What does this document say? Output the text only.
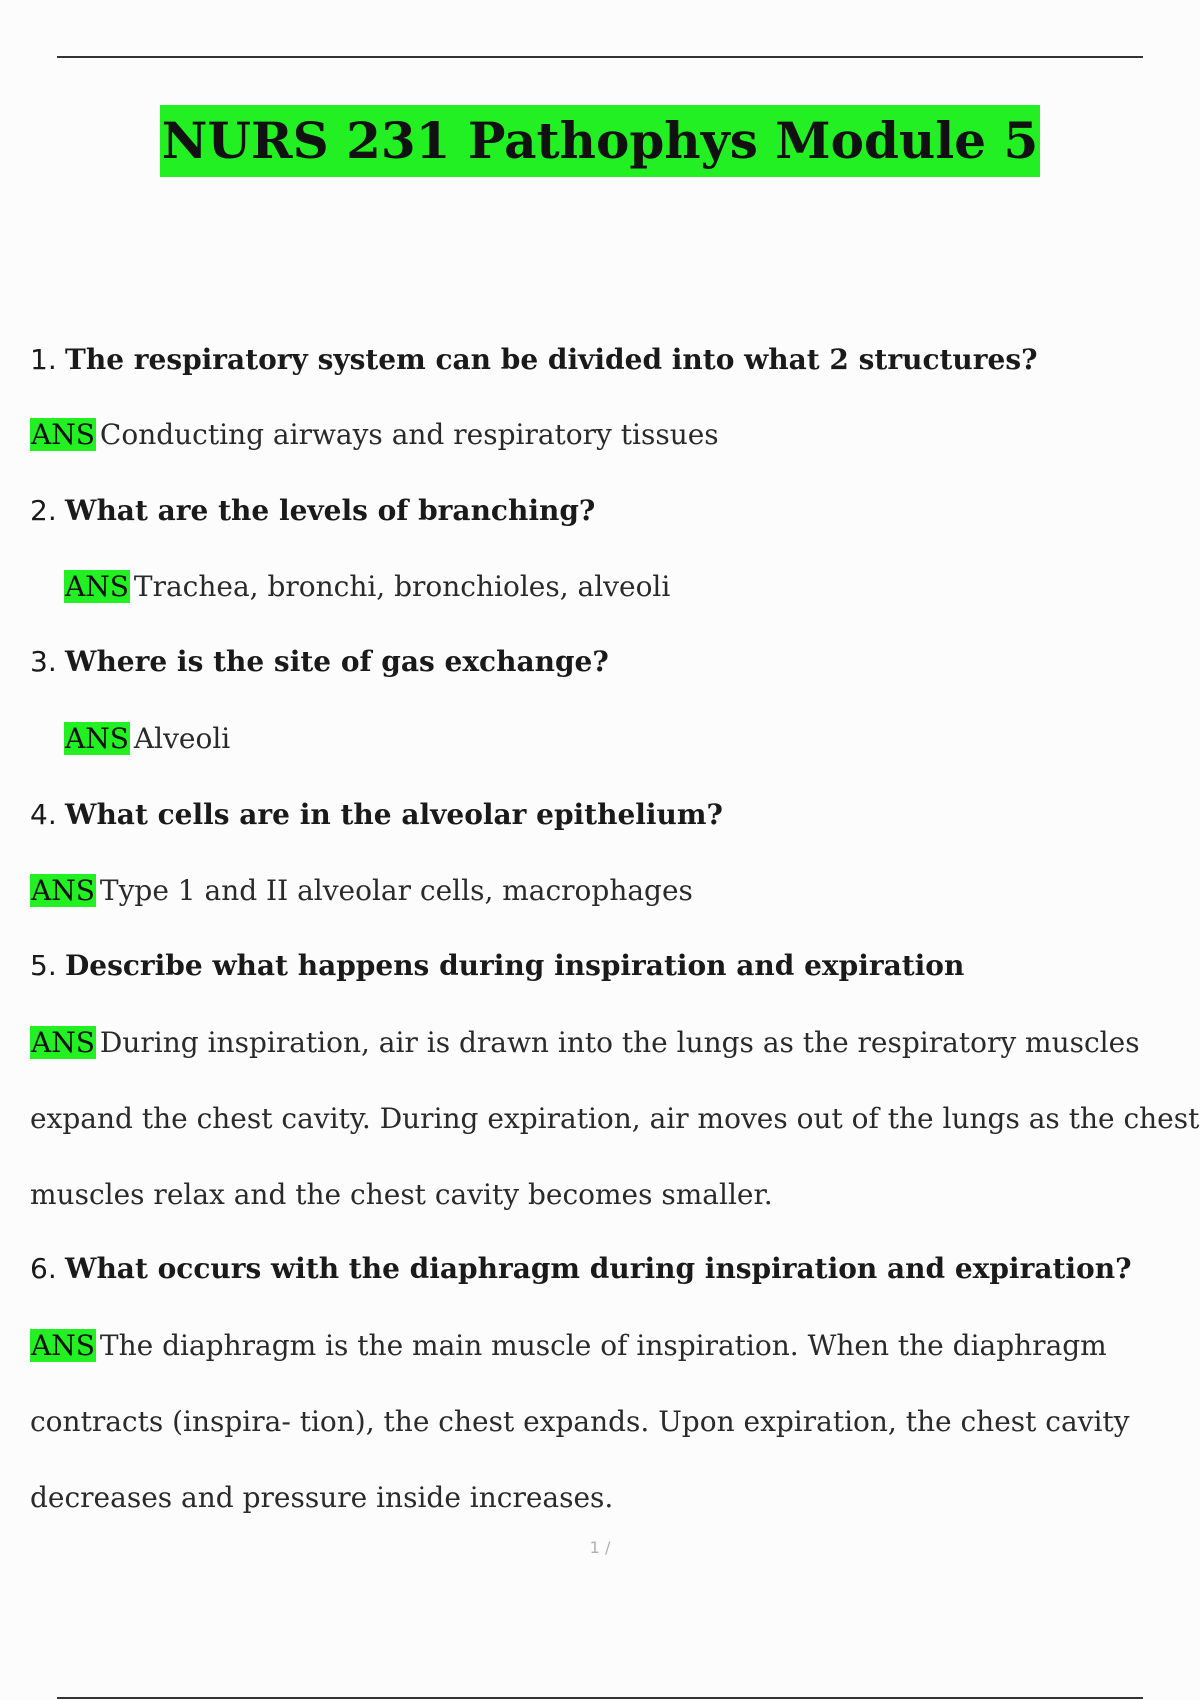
NURS 231 Pathophys Module 5
1. The respiratory system can be divided into what 2 structures?
ANS Conducting airways and respiratory tissues
2. What are the levels of branching?
ANS Trachea, bronchi, bronchioles, alveoli
3. Where is the site of gas exchange?
ANS Alveoli
4. What cells are in the alveolar epithelium?
ANS Type 1 and II alveolar cells, macrophages
5. Describe what happens during inspiration and expiration
ANS During inspiration, air is drawn into the lungs as the respiratory muscles expand the chest cavity. During expiration, air moves out of the lungs as the chest muscles relax and the chest cavity becomes smaller.
6. What occurs with the diaphragm during inspiration and expiration?
ANS The diaphragm is the main muscle of inspiration. When the diaphragm contracts (inspira- tion), the chest expands. Upon expiration, the chest cavity decreases and pressure inside increases.
1 /
